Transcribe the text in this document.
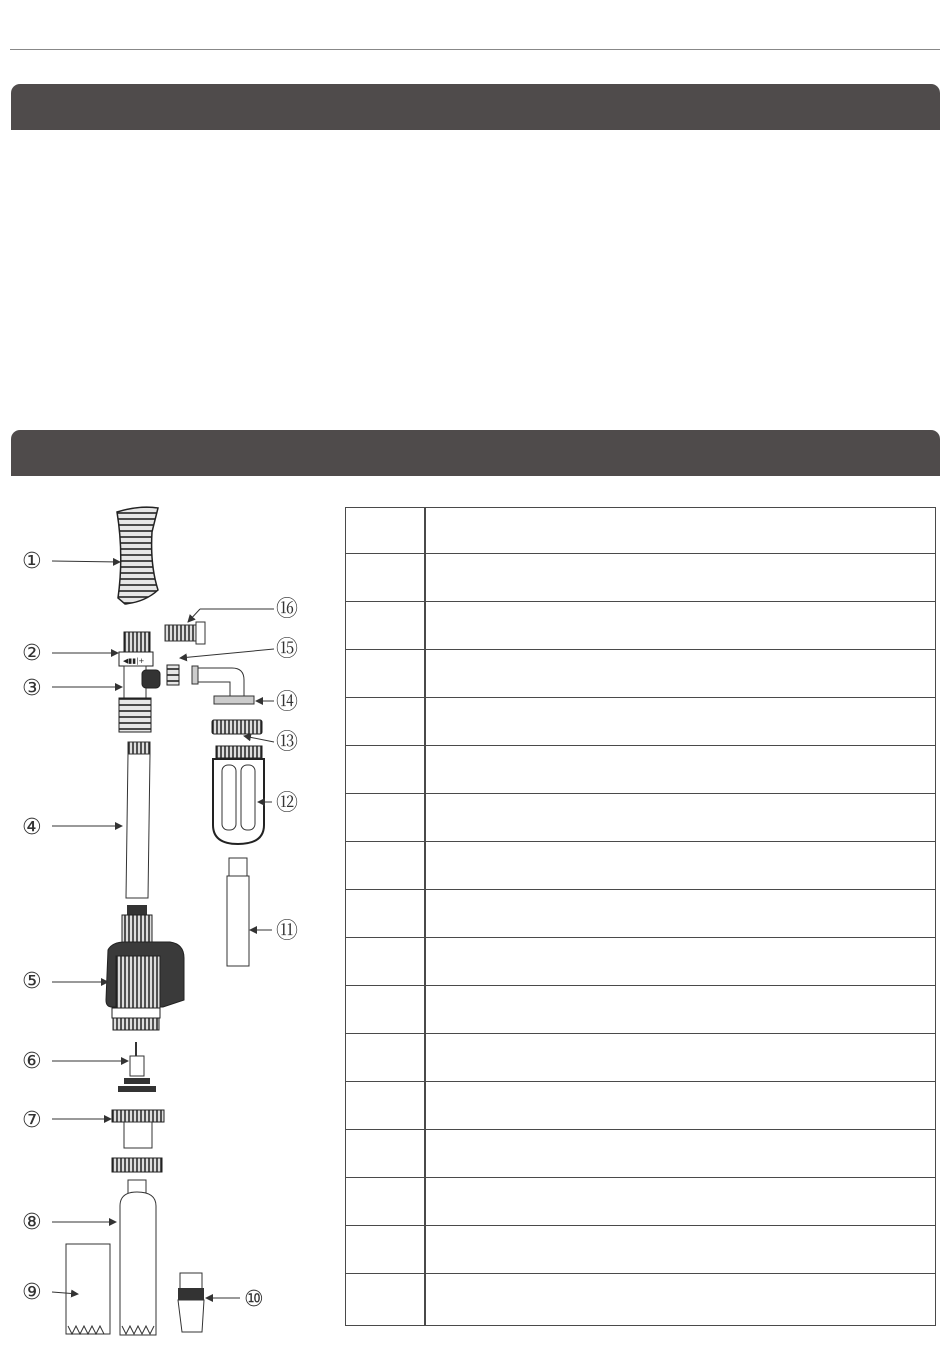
◀▮▮|+
①
②
③
④
⑤
⑥
⑦
⑧
⑨	⑩
⑪
⑫
⑬
⑭
⑮
⑯
